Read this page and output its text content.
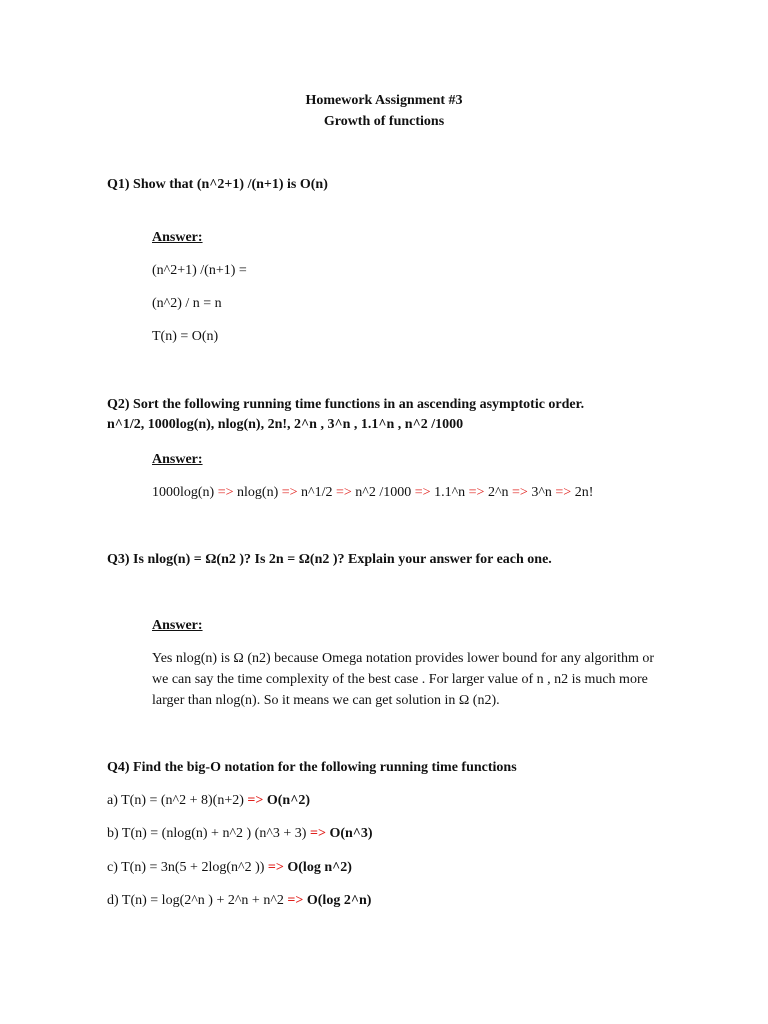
Homework Assignment #3
Growth of functions
Q1) Show that (n^2+1) /(n+1) is O(n)
Answer:
(n^2+1) /(n+1) =
(n^2) / n = n
T(n) = O(n)
Q2) Sort the following running time functions in an ascending asymptotic order.
n^1/2, 1000log(n), nlog(n), 2n!, 2^n , 3^n , 1.1^n , n^2 /1000
Answer:
1000log(n) => nlog(n) => n^1/2 => n^2 /1000 => 1.1^n => 2^n => 3^n => 2n!
Q3) Is nlog(n) = Ω(n2 )? Is 2n = Ω(n2 )? Explain your answer for each one.
Answer:
Yes nlog(n) is Ω (n2) because Omega notation provides lower bound for any algorithm or we can say the time complexity of the best case . For larger value of n , n2 is much more larger than nlog(n). So it means we can get solution in Ω (n2).
Q4) Find the big-O notation for the following running time functions
a) T(n) = (n^2 + 8)(n+2) => O(n^2)
b) T(n) = (nlog(n) + n^2 ) (n^3 + 3) => O(n^3)
c) T(n) = 3n(5 + 2log(n^2 )) => O(log n^2)
d) T(n) = log(2^n ) + 2^n + n^2 => O(log 2^n)
